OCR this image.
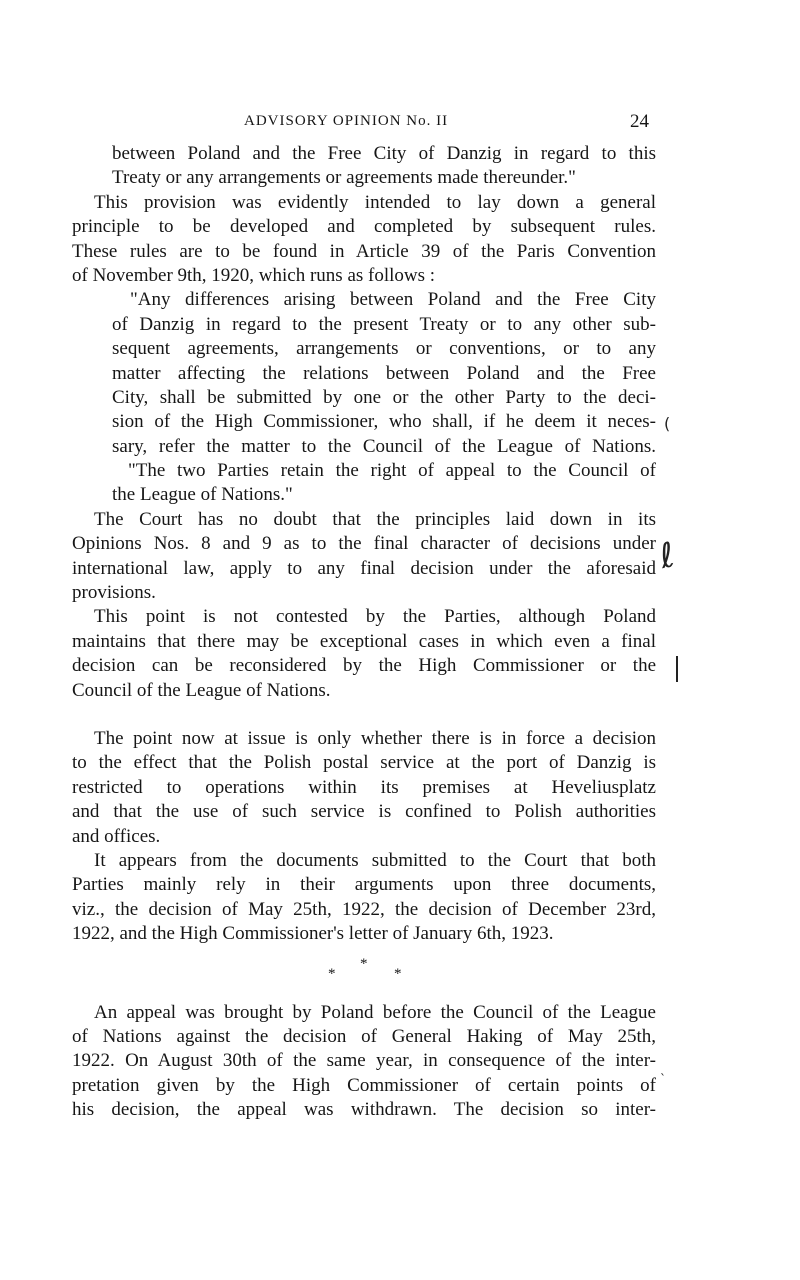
ADVISORY OPINION No. II	24
between Poland and the Free City of Danzig in regard to this
Treaty or any arrangements or agreements made thereunder."
This provision was evidently intended to lay down a general
principle to be developed and completed by subsequent rules.
These rules are to be found in Article 39 of the Paris Convention
of November 9th, 1920, which runs as follows :
"Any differences arising between Poland and the Free City
of Danzig in regard to the present Treaty or to any other sub-
sequent agreements, arrangements or conventions, or to any
matter affecting the relations between Poland and the Free
City, shall be submitted by one or the other Party to the deci-
sion of the High Commissioner, who shall, if he deem it neces-
sary, refer the matter to the Council of the League of Nations.
"The two Parties retain the right of appeal to the Council of
the League of Nations."
The Court has no doubt that the principles laid down in its
Opinions Nos. 8 and 9 as to the final character of decisions under
international law, apply to any final decision under the aforesaid
provisions.
This point is not contested by the Parties, although Poland
maintains that there may be exceptional cases in which even a final
decision can be reconsidered by the High Commissioner or the
Council of the League of Nations.
The point now at issue is only whether there is in force a decision
to the effect that the Polish postal service at the port of Danzig is
restricted to operations within its premises at Heveliusplatz
and that the use of such service is confined to Polish authorities
and offices.
It appears from the documents submitted to the Court that both
Parties mainly rely in their arguments upon three documents,
viz., the decision of May 25th, 1922, the decision of December 23rd,
1922, and the High Commissioner's letter of January 6th, 1923.
*
*
*
An appeal was brought by Poland before the Council of the League
of Nations against the decision of General Haking of May 25th,
1922. On August 30th of the same year, in consequence of the inter-
pretation given by the High Commissioner of certain points of
his decision, the appeal was withdrawn. The decision so inter-
(
ℓ
`
